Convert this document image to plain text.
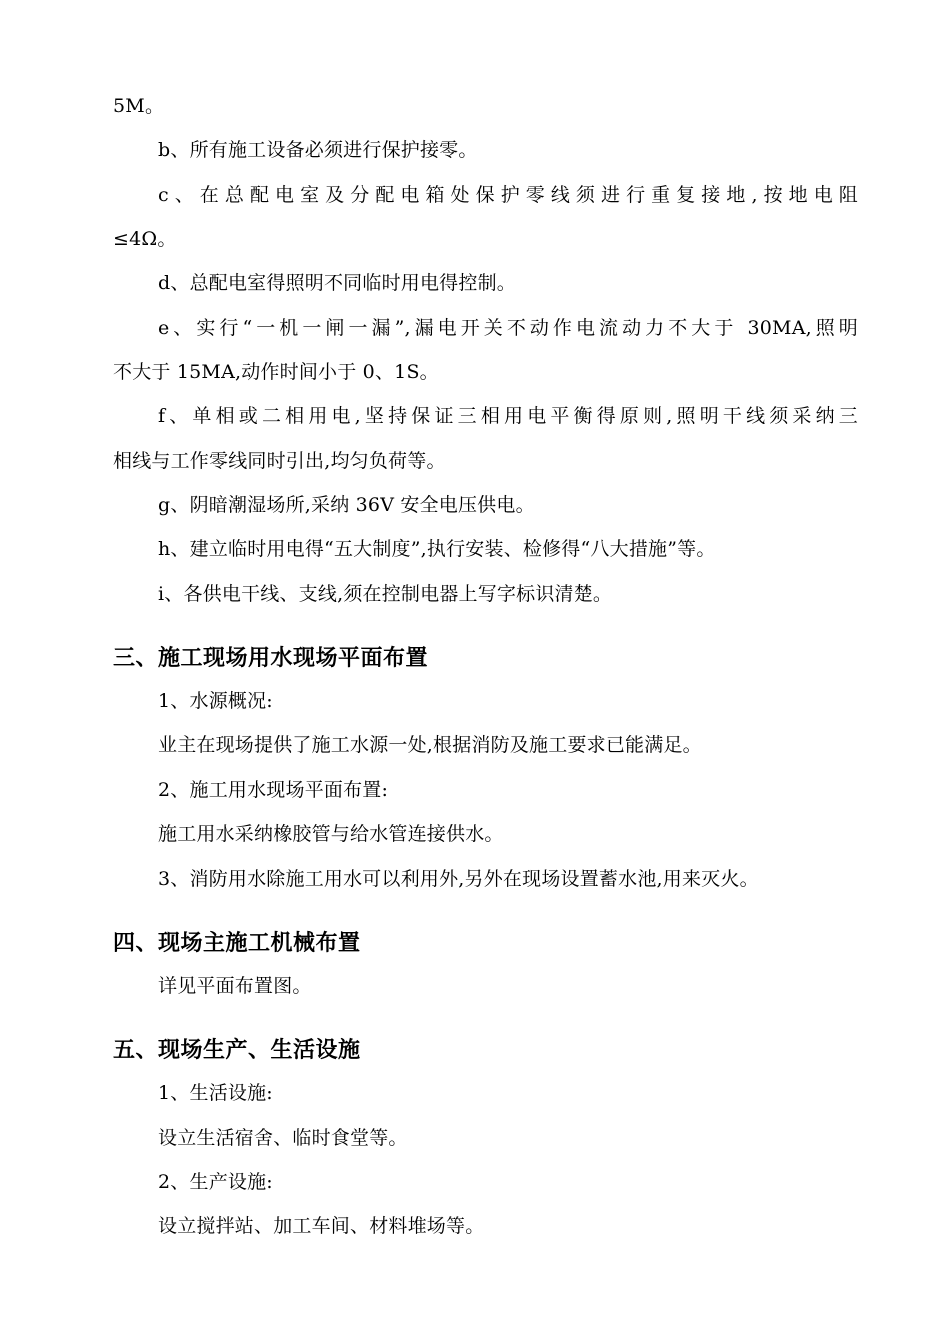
5M。
b、所有施工设备必须进行保护接零。
c、在总配电室及分配电箱处保护零线须进行重复接地,按地电阻
≤4Ω。
d、总配电室得照明不同临时用电得控制。
e、实行“一机一闸一漏”,漏电开关不动作电流动力不大于 30MA,照明
不大于 15MA,动作时间小于 0、1S。
f、单相或二相用电,坚持保证三相用电平衡得原则,照明干线须采纳三
相线与工作零线同时引出,均匀负荷等。
g、阴暗潮湿场所,采纳 36V 安全电压供电。
h、建立临时用电得“五大制度”,执行安装、检修得“八大措施”等。
i、各供电干线、支线,须在控制电器上写字标识清楚。
三、施工现场用水现场平面布置
1、水源概况:
业主在现场提供了施工水源一处,根据消防及施工要求已能满足。
2、施工用水现场平面布置:
施工用水采纳橡胶管与给水管连接供水。
3、消防用水除施工用水可以利用外,另外在现场设置蓄水池,用来灭火。
四、现场主施工机械布置
详见平面布置图。
五、现场生产、生活设施
1、生活设施:
设立生活宿舍、临时食堂等。
2、生产设施:
设立搅拌站、加工车间、材料堆场等。
